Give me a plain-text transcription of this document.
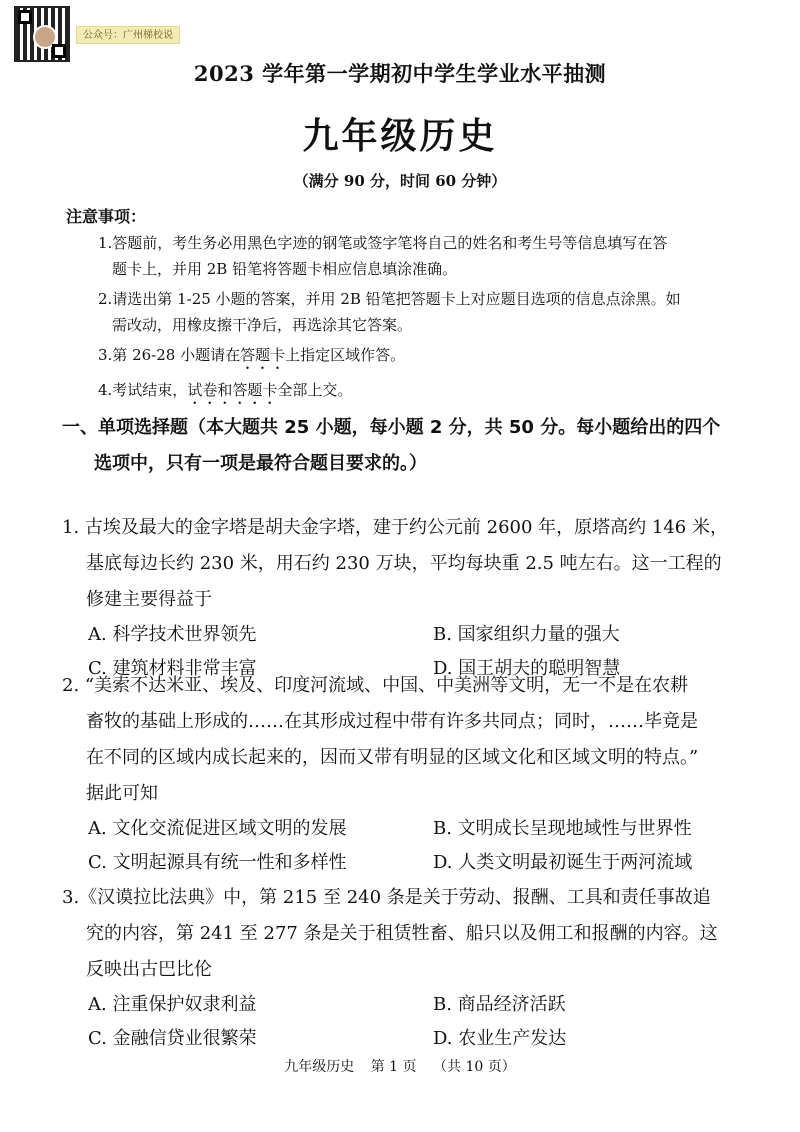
公众号：广州梯校说
2023 学年第一学期初中学生学业水平抽测
九年级历史
（满分 90 分，时间 60 分钟）
注意事项：
1.答题前，考生务必用黑色字迹的钢笔或签字笔将自己的姓名和考生号等信息填写在答
题卡上，并用 2B 铅笔将答题卡相应信息填涂准确。
2.请选出第 1-25 小题的答案，并用 2B 铅笔把答题卡上对应题目选项的信息点涂黑。如
需改动，用橡皮擦干净后，再选涂其它答案。
3.第 26-28 小题请在答题卡上指定区域作答。
4.考试结束，试卷和答题卡全部上交。
一、单项选择题（本大题共 25 小题，每小题 2 分，共 50 分。每小题给出的四个
选项中，只有一项是最符合题目要求的。）
1. 古埃及最大的金字塔是胡夫金字塔，建于约公元前 2600 年，原塔高约 146 米，
基底每边长约 230 米，用石约 230 万块，平均每块重 2.5 吨左右。这一工程的
修建主要得益于
A. 科学技术世界领先	B. 国家组织力量的强大
C. 建筑材料非常丰富	D. 国王胡夫的聪明智慧
2. “美索不达米亚、埃及、印度河流域、中国、中美洲等文明，无一不是在农耕
畜牧的基础上形成的……在其形成过程中带有许多共同点；同时，……毕竟是
在不同的区域内成长起来的，因而又带有明显的区域文化和区域文明的特点。”
据此可知
A. 文化交流促进区域文明的发展	B. 文明成长呈现地域性与世界性
C. 文明起源具有统一性和多样性	D. 人类文明最初诞生于两河流域
3.《汉谟拉比法典》中，第 215 至 240 条是关于劳动、报酬、工具和责任事故追
究的内容，第 241 至 277 条是关于租赁牲畜、船只以及佣工和报酬的内容。这
反映出古巴比伦
A. 注重保护奴隶利益	B. 商品经济活跃
C. 金融信贷业很繁荣	D. 农业生产发达
九年级历史 第 1 页 （共 10 页）
